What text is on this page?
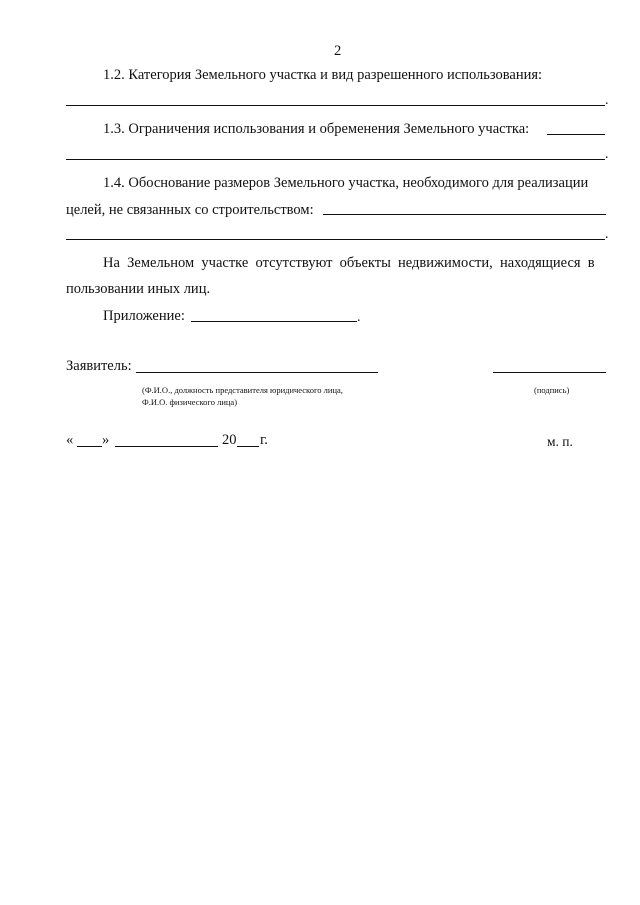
2
1.2. Категория Земельного участка и вид разрешенного использования:
.
1.3. Ограничения использования и обременения Земельного участка:
.
1.4. Обоснование размеров Земельного участка, необходимого для реализации
целей, не связанных со строительством:
.
На Земельном участке отсутствуют объекты недвижимости, находящиеся в
пользовании иных лиц.
Приложение:	.
Заявитель:
(Ф.И.О., должность представителя юридического лица,
Ф.И.О. физического лица)
(подпись)
« »	20 г.	м. п.
